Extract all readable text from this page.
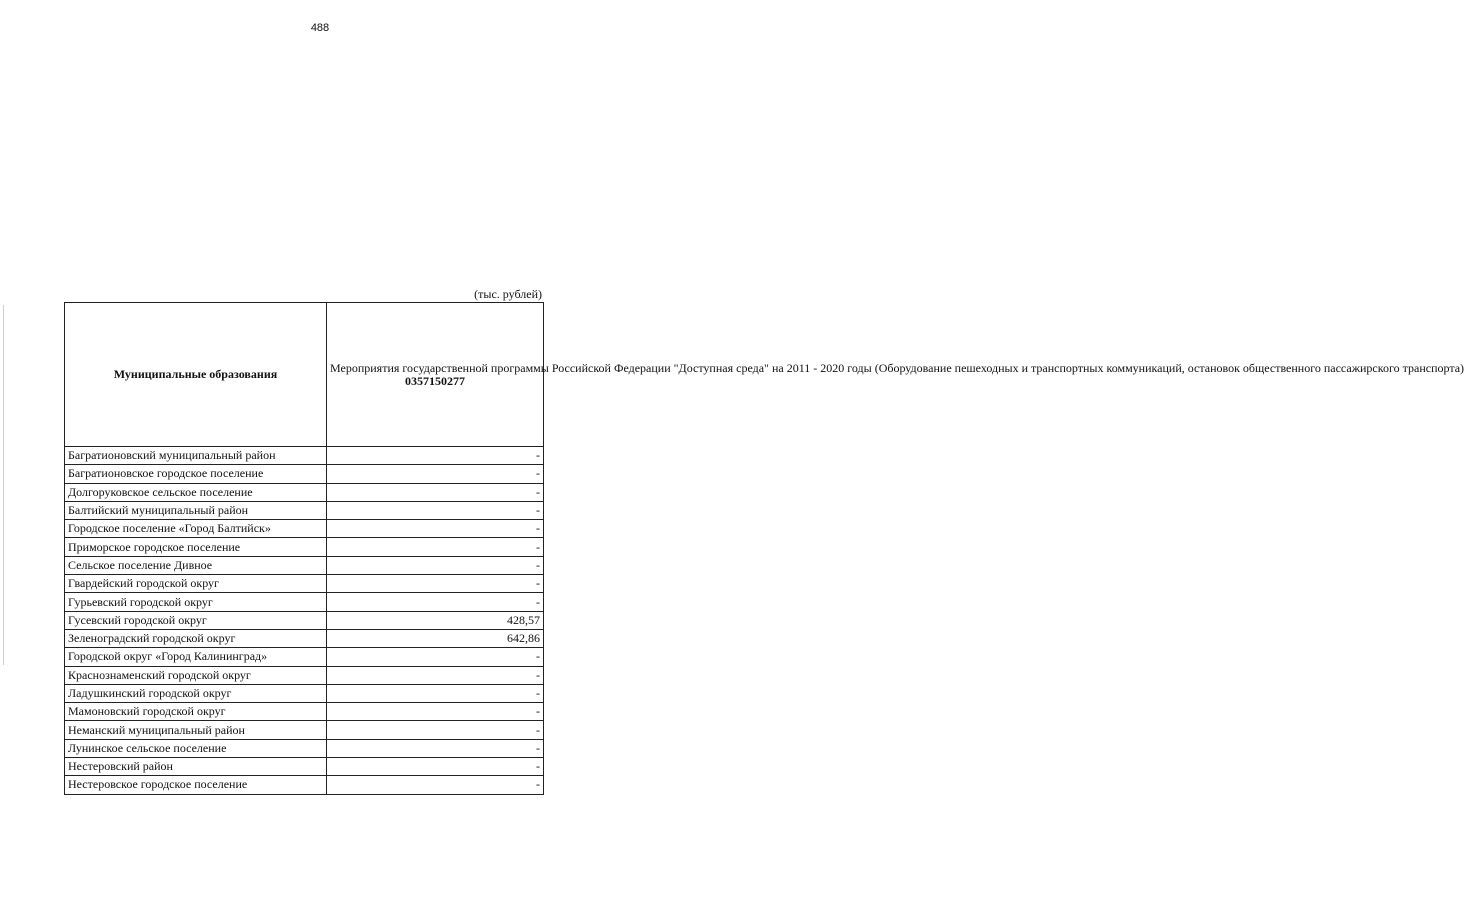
488
(тыс. рублей)
Муниципальные образования	Мероприятия государственной программы Российской Федерации "Доступная среда" на 2011 - 2020 годы (Оборудование пешеходных и транспортных коммуникаций, остановок общественного пассажирского транспорта)
0357150277

Багратионовский муниципальный район	-
Багратионовское городское поселение	-
Долгоруковское сельское поселение	-
Балтийский муниципальный район	-
Городское поселение «Город Балтийск»	-
Приморское городское поселение	-
Сельское поселение Дивное	-
Гвардейский городской округ	-
Гурьевский городской округ	-
Гусевский городской округ	428,57
Зеленоградский городской округ	642,86
Городской округ «Город Калининград»	-
Краснознаменский городской округ	-
Ладушкинский городской округ	-
Мамоновский городской округ	-
Неманский муниципальный район	-
Лунинское сельское поселение	-
Нестеровский район	-
Нестеровское городское поселение	-
